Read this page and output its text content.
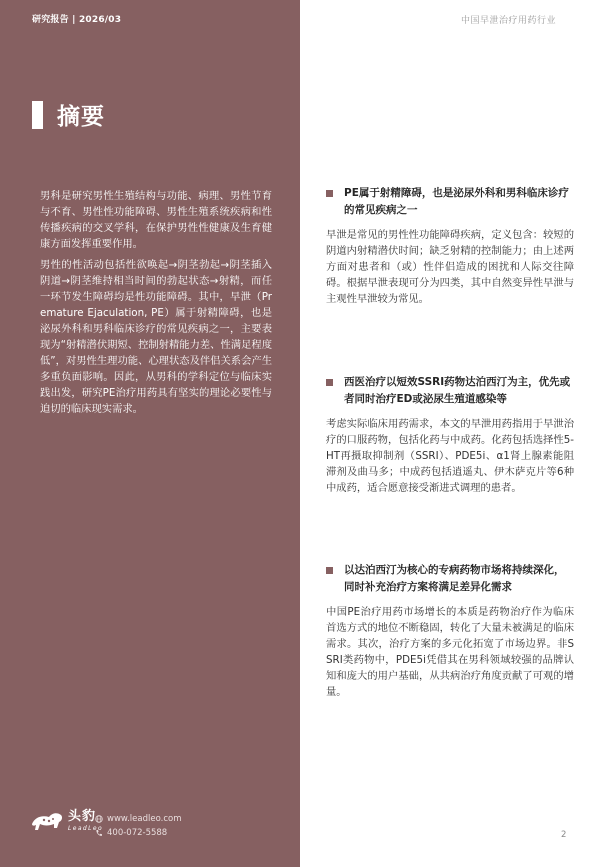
研究报告 | 2026/03	中国早泄治疗用药行业
摘要

男科是研究男性生殖结构与功能、病理、男性节育与不育、男性性功能障碍、男性生殖系统疾病和性传播疾病的交叉学科，在保护男性性健康及生育健康方面发挥重要作用。

男性的性活动包括性欲唤起→阴茎勃起→阴茎插入阴道→阴茎维持相当时间的勃起状态→射精，而任一环节发生障碍均是性功能障碍。其中，早泄（Premature Ejaculation, PE）属于射精障碍，也是泌尿外科和男科临床诊疗的常见疾病之一，主要表现为“射精潜伏期短、控制射精能力差、性满足程度低”，对男性生理功能、心理状态及伴侣关系会产生多重负面影响。因此，从男科的学科定位与临床实践出发，研究PE治疗用药具有坚实的理论必要性与迫切的临床现实需求。

PE属于射精障碍，也是泌尿外科和男科临床诊疗的常见疾病之一
早泄是常见的男性性功能障碍疾病，定义包含：较短的阴道内射精潜伏时间；缺乏射精的控制能力；由上述两方面对患者和（或）性伴侣造成的困扰和人际交往障碍。根据早泄表现可分为四类，其中自然变异性早泄与主观性早泄较为常见。
西医治疗以短效SSRI药物达泊西汀为主，优先或者同时治疗ED或泌尿生殖道感染等
考虑实际临床用药需求，本文的早泄用药指用于早泄治疗的口服药物，包括化药与中成药。化药包括选择性5-HT再摄取抑制剂（SSRI）、PDE5i、α1肾上腺素能阻滞剂及曲马多；中成药包括逍遥丸、伊木萨克片等6种中成药，适合愿意接受渐进式调理的患者。
以达泊西汀为核心的专病药物市场将持续深化，同时补充治疗方案将满足差异化需求
中国PE治疗用药市场增长的本质是药物治疗作为临床首选方式的地位不断稳固，转化了大量未被满足的临床需求。其次，治疗方案的多元化拓宽了市场边界。非SSRI类药物中，PDE5i凭借其在男科领域较强的品牌认知和庞大的用户基础，从共病治疗角度贡献了可观的增量。
头豹
LeadLeo
www.leadleo.com
400-072-5588	2
